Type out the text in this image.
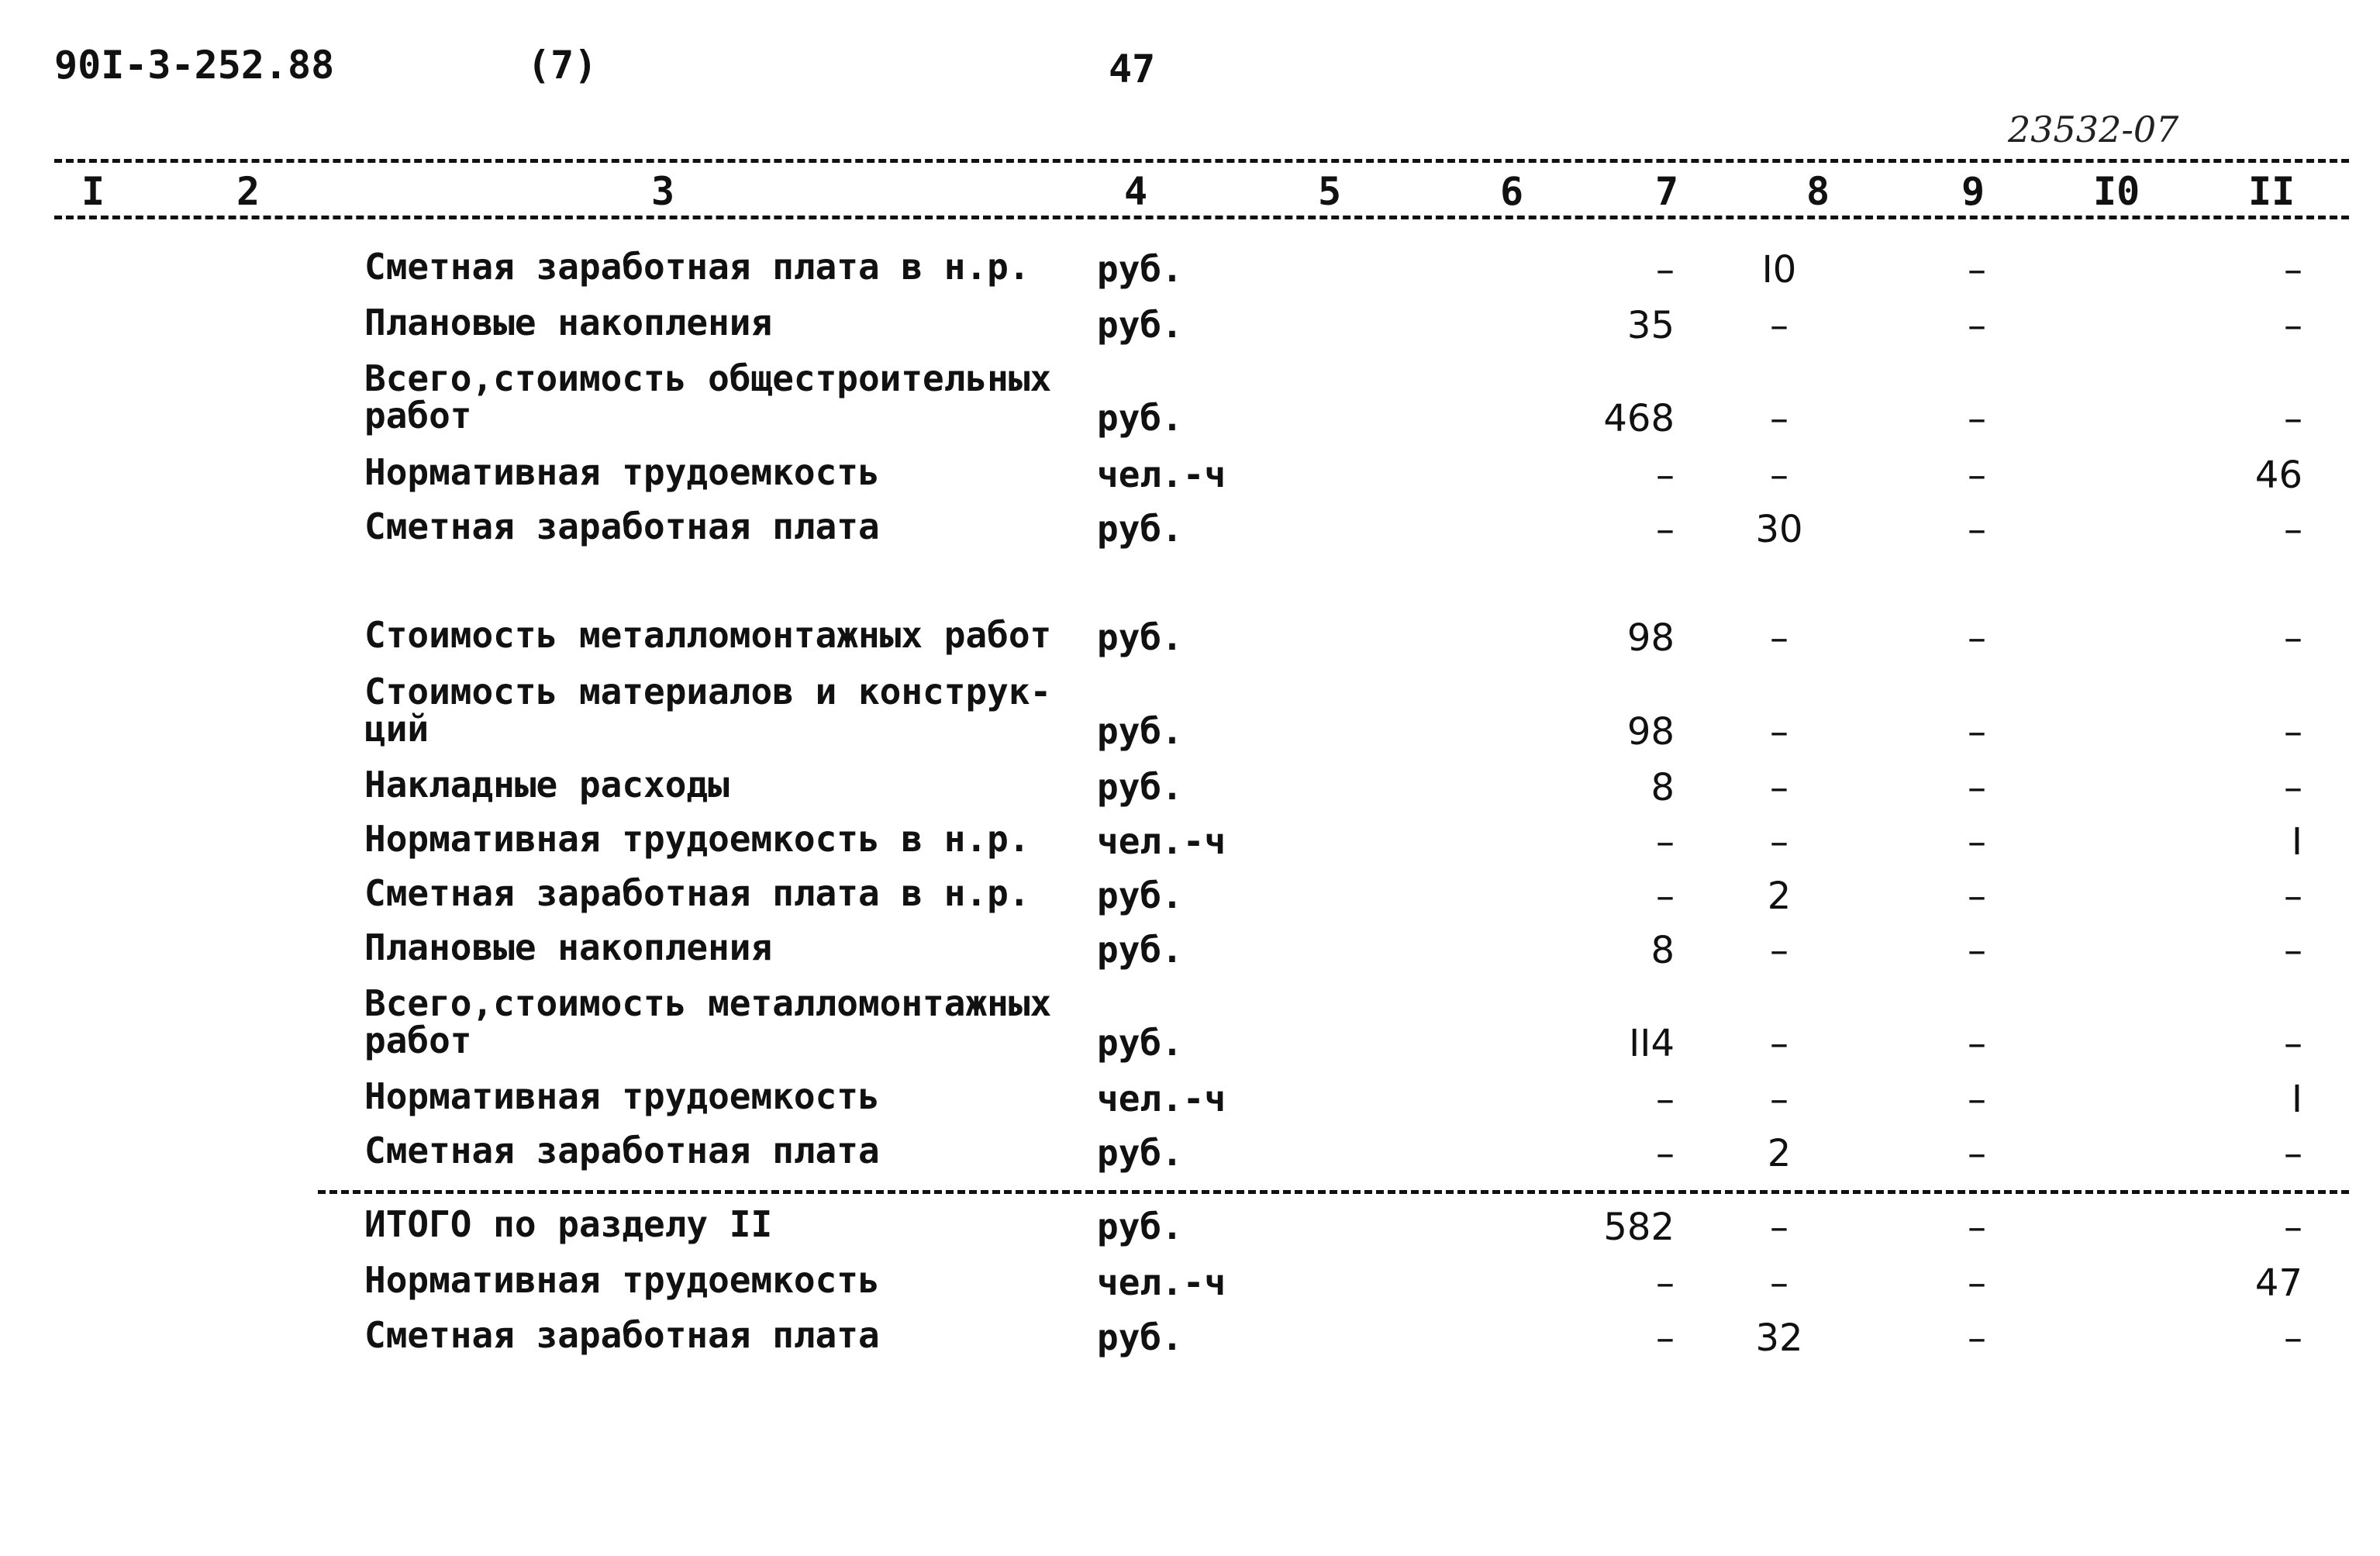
90I-3-252.88	(7)	47
23532-07
I	2	3	4	5	6	7	8	9	I0	II
Сметная заработная плата в н.р.	руб.	–	I0	–	–
Плановые накопления	руб.	35	–	–	–
Всего,стоимость общестроительных
работ	руб.	468	–	–	–
Нормативная трудоемкость	чел.-ч	–	–	–	46
Сметная заработная плата	руб.	–	30	–	–
Стоимость металломонтажных работ	руб.	98	–	–	–
Стоимость материалов и конструк-
ций	руб.	98	–	–	–
Накладные расходы	руб.	8	–	–	–
Нормативная трудоемкость в н.р.	чел.-ч	–	–	–	I
Сметная заработная плата в н.р.	руб.	–	2	–	–
Плановые накопления	руб.	8	–	–	–
Всего,стоимость металломонтажных
работ	руб.	II4	–	–	–
Нормативная трудоемкость	чел.-ч	–	–	–	I
Сметная заработная плата	руб.	–	2	–	–
ИТОГО по разделу II	руб.	582	–	–	–
Нормативная трудоемкость	чел.-ч	–	–	–	47
Сметная заработная плата	руб.	–	32	–	–
